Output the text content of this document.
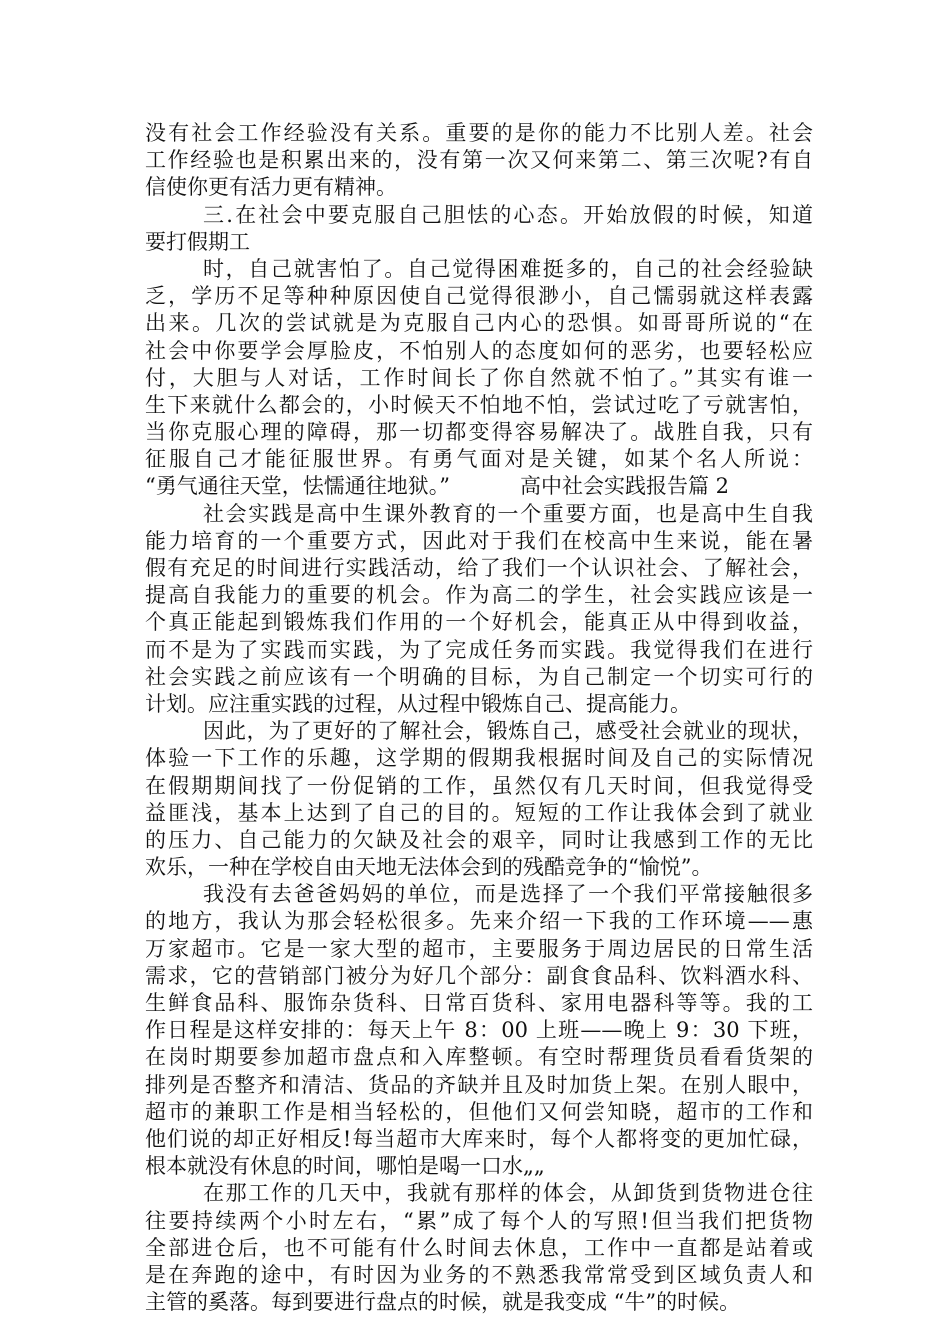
没有社会工作经验没有关系。重要的是你的能力不比别人差。社会
工作经验也是积累出来的，没有第一次又何来第二、第三次呢?有自
信使你更有活力更有精神。
三.在社会中要克服自己胆怯的心态。开始放假的时候，知道
要打假期工
时，自己就害怕了。自己觉得困难挺多的，自己的社会经验缺
乏，学历不足等种种原因使自己觉得很渺小，自己懦弱就这样表露
出来。几次的尝试就是为克服自己内心的恐惧。如哥哥所说的“在
社会中你要学会厚脸皮，不怕别人的态度如何的恶劣，也要轻松应
付，大胆与人对话，工作时间长了你自然就不怕了。”其实有谁一
生下来就什么都会的，小时候天不怕地不怕，尝试过吃了亏就害怕，
当你克服心理的障碍，那一切都变得容易解决了。战胜自我，只有
征服自己才能征服世界。有勇气面对是关键，如某个名人所说：
“勇气通往天堂，怯懦通往地狱。”	高中社会实践报告篇 2
社会实践是高中生课外教育的一个重要方面，也是高中生自我
能力培育的一个重要方式，因此对于我们在校高中生来说，能在暑
假有充足的时间进行实践活动，给了我们一个认识社会、了解社会，
提高自我能力的重要的机会。作为高二的学生，社会实践应该是一
个真正能起到锻炼我们作用的一个好机会，能真正从中得到收益，
而不是为了实践而实践，为了完成任务而实践。我觉得我们在进行
社会实践之前应该有一个明确的目标，为自己制定一个切实可行的
计划。应注重实践的过程，从过程中锻炼自己、提高能力。
因此，为了更好的了解社会，锻炼自己，感受社会就业的现状，
体验一下工作的乐趣，这学期的假期我根据时间及自己的实际情况
在假期期间找了一份促销的工作，虽然仅有几天时间，但我觉得受
益匪浅，基本上达到了自己的目的。短短的工作让我体会到了就业
的压力、自己能力的欠缺及社会的艰辛，同时让我感到工作的无比
欢乐，一种在学校自由天地无法体会到的残酷竞争的“愉悦”。
我没有去爸爸妈妈的单位，而是选择了一个我们平常接触很多
的地方，我认为那会轻松很多。先来介绍一下我的工作环境——惠
万家超市。它是一家大型的超市，主要服务于周边居民的日常生活
需求，它的营销部门被分为好几个部分：副食食品科、饮料酒水科、
生鲜食品科、服饰杂货科、日常百货科、家用电器科等等。我的工
作日程是这样安排的：每天上午 8：00 上班——晚上 9：30 下班，
在岗时期要参加超市盘点和入库整顿。有空时帮理货员看看货架的
排列是否整齐和清洁、货品的齐缺并且及时加货上架。在别人眼中，
超市的兼职工作是相当轻松的，但他们又何尝知晓，超市的工作和
他们说的却正好相反!每当超市大库来时，每个人都将变的更加忙碌，
根本就没有休息的时间，哪怕是喝一口水„„
在那工作的几天中，我就有那样的体会，从卸货到货物进仓往
往要持续两个小时左右，“累”成了每个人的写照!但当我们把货物
全部进仓后，也不可能有什么时间去休息，工作中一直都是站着或
是在奔跑的途中，有时因为业务的不熟悉我常常受到区域负责人和
主管的奚落。每到要进行盘点的时候，就是我变成 “牛”的时候。
